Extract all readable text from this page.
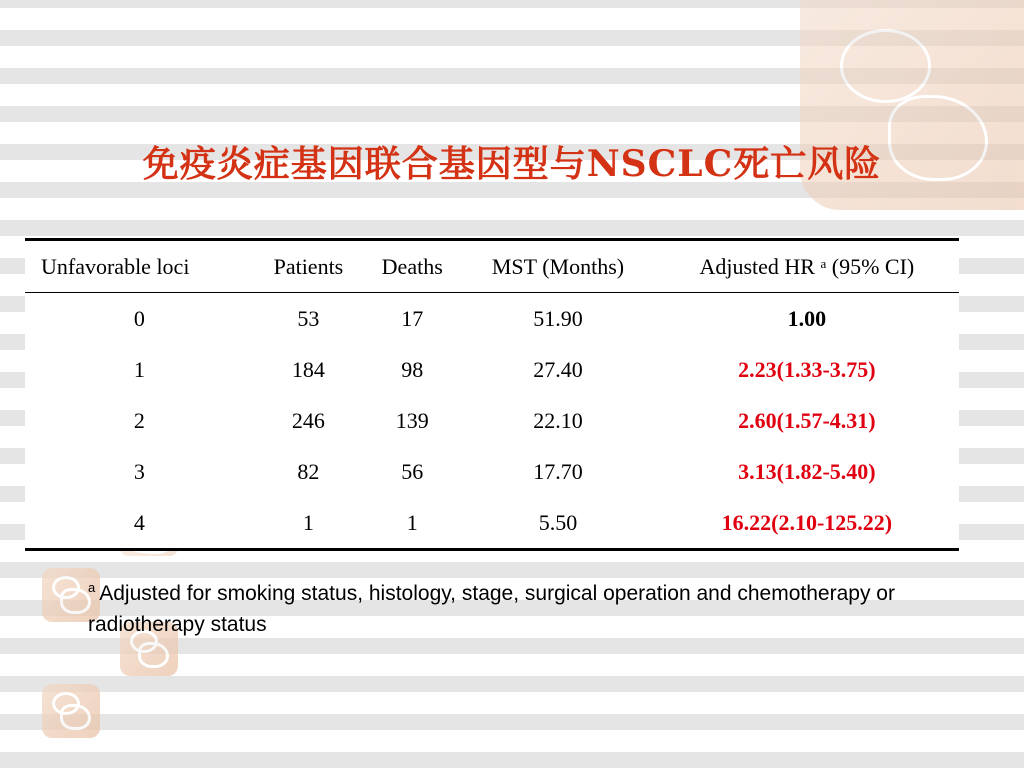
免疫炎症基因联合基因型与NSCLC死亡风险
Unfavorable loci	Patients	Deaths	MST (Months)	Adjusted HR $^a$ (95% CI)
0	53	17	51.90	1.00
1	184	98	27.40	2.23(1.33-3.75)
2	246	139	22.10	2.60(1.57-4.31)
3	82	56	17.70	3.13(1.82-5.40)
4	1	1	5.50	16.22(2.10-125.22)
$^a$ Adjusted for smoking status, histology, stage, surgical operation and chemotherapy or radiotherapy status
